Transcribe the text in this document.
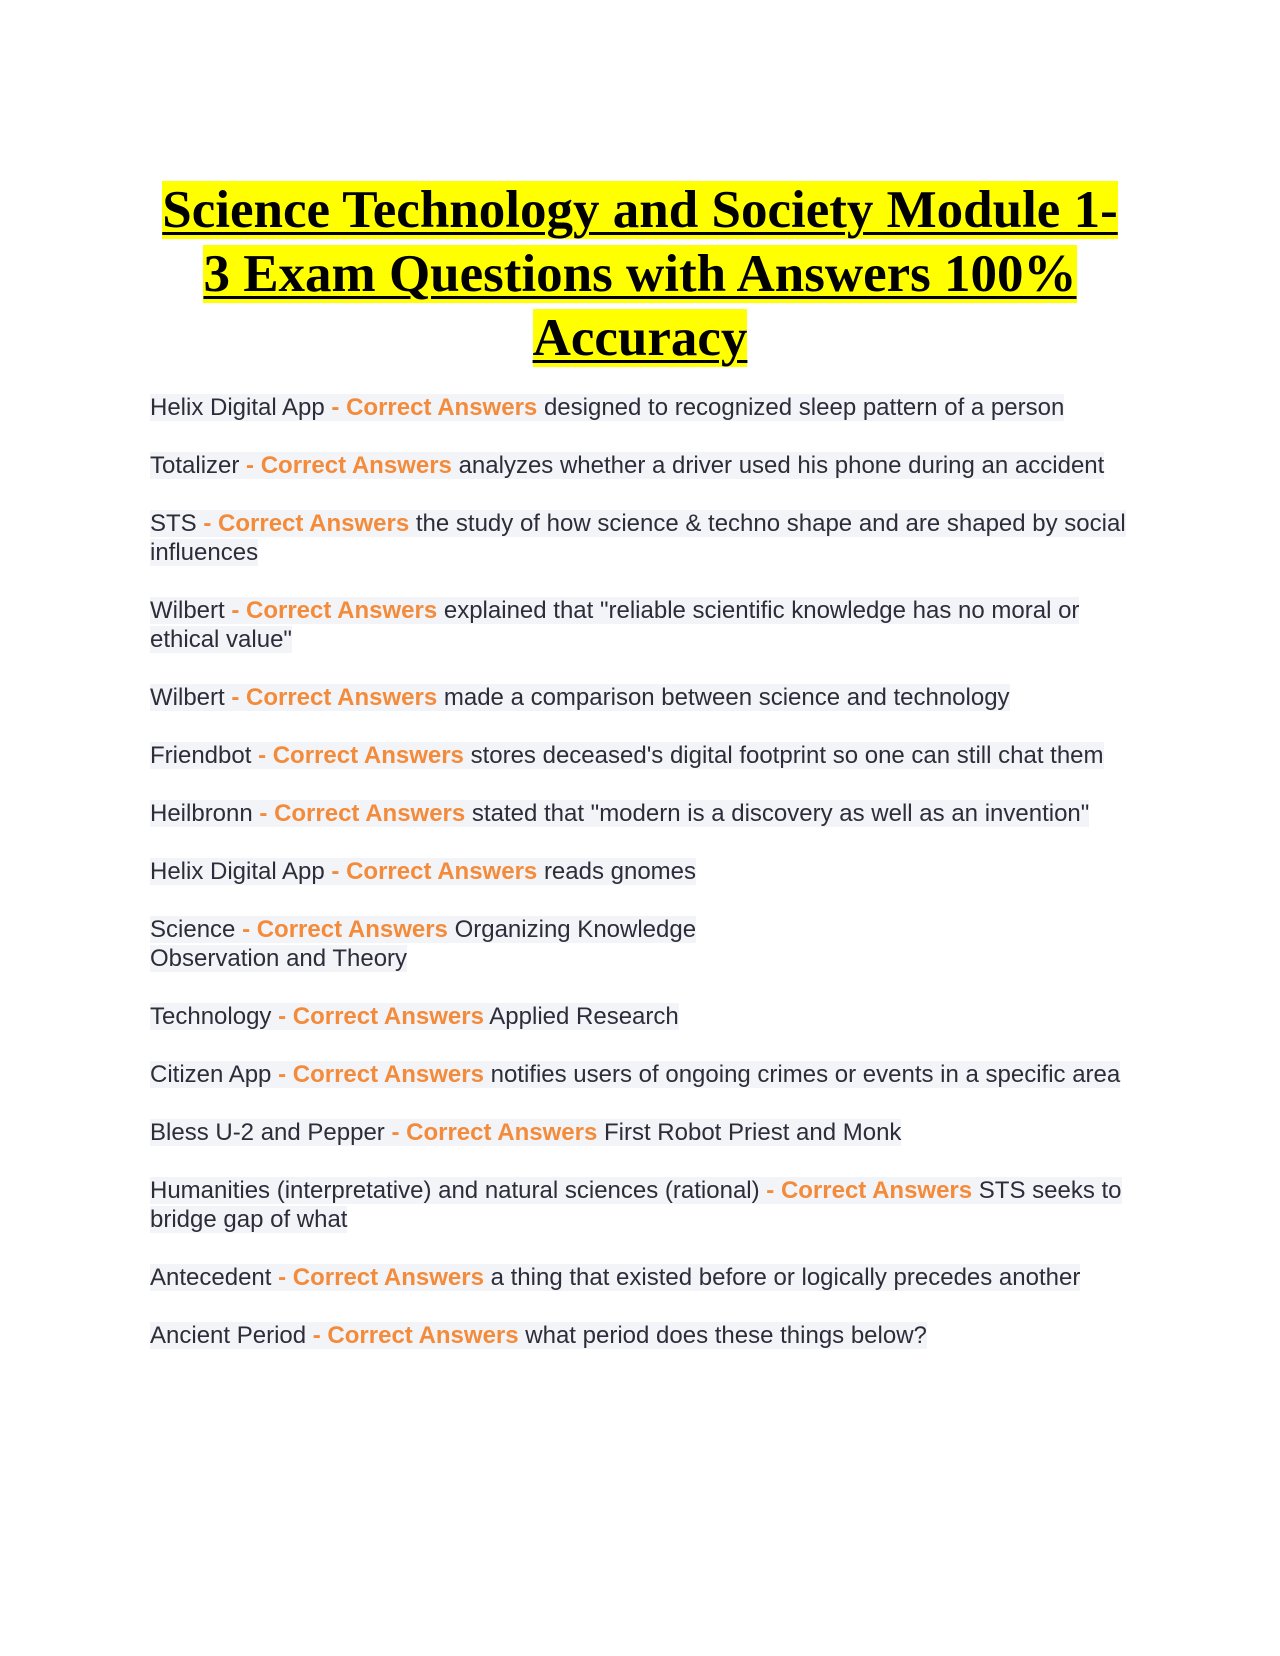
Science Technology and Society Module 1-3 Exam Questions with Answers 100% Accuracy

Helix Digital App - Correct Answers designed to recognized sleep pattern of a person

Totalizer - Correct Answers analyzes whether a driver used his phone during an accident

STS - Correct Answers the study of how science & techno shape and are shaped by social influences

Wilbert - Correct Answers explained that "reliable scientific knowledge has no moral or ethical value"

Wilbert - Correct Answers made a comparison between science and technology

Friendbot - Correct Answers stores deceased's digital footprint so one can still chat them

Heilbronn - Correct Answers stated that "modern is a discovery as well as an invention"

Helix Digital App - Correct Answers reads gnomes

Science - Correct Answers Organizing Knowledge
Observation and Theory

Technology - Correct Answers Applied Research

Citizen App - Correct Answers notifies users of ongoing crimes or events in a specific area

Bless U-2 and Pepper - Correct Answers First Robot Priest and Monk

Humanities (interpretative) and natural sciences (rational) - Correct Answers STS seeks to bridge gap of what

Antecedent - Correct Answers a thing that existed before or logically precedes another

Ancient Period - Correct Answers what period does these things below?
